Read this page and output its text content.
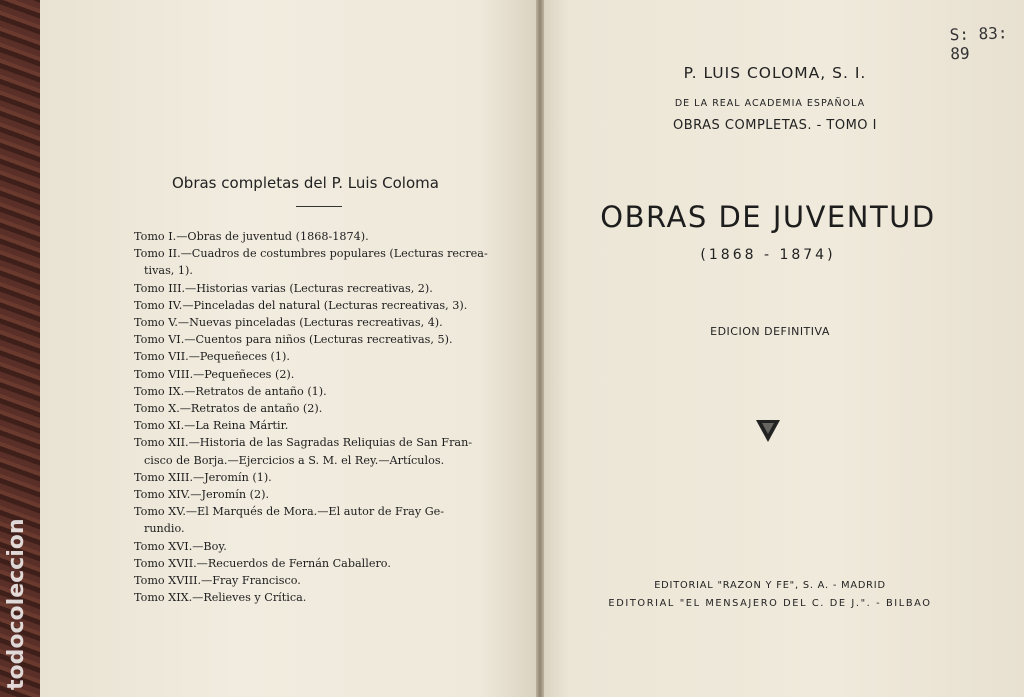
todocoleccion
Obras completas del P. Luis Coloma
Tomo I.—Obras de juventud (1868-1874).
Tomo II.—Cuadros de costumbres populares (Lecturas recrea-
tivas, 1).
Tomo III.—Historias varias (Lecturas recreativas, 2).
Tomo IV.—Pinceladas del natural (Lecturas recreativas, 3).
Tomo V.—Nuevas pinceladas (Lecturas recreativas, 4).
Tomo VI.—Cuentos para niños (Lecturas recreativas, 5).
Tomo VII.—Pequeñeces (1).
Tomo VIII.—Pequeñeces (2).
Tomo IX.—Retratos de antaño (1).
Tomo X.—Retratos de antaño (2).
Tomo XI.—La Reina Mártir.
Tomo XII.—Historia de las Sagradas Reliquias de San Fran-
cisco de Borja.—Ejercicios a S. M. el Rey.—Artículos.
Tomo XIII.—Jeromín (1).
Tomo XIV.—Jeromín (2).
Tomo XV.—El Marqués de Mora.—El autor de Fray Ge-
rundio.
Tomo XVI.—Boy.
Tomo XVII.—Recuerdos de Fernán Caballero.
Tomo XVIII.—Fray Francisco.
Tomo XIX.—Relieves y Crítica.
S: 83: 89
P. LUIS COLOMA, S. I.
DE LA REAL ACADEMIA ESPAÑOLA
OBRAS COMPLETAS. - TOMO I
OBRAS DE JUVENTUD
(1868 - 1874)
EDICION DEFINITIVA
EDITORIAL "RAZON Y FE", S. A. - MADRID
EDITORIAL "EL MENSAJERO DEL C. DE J.". - BILBAO
